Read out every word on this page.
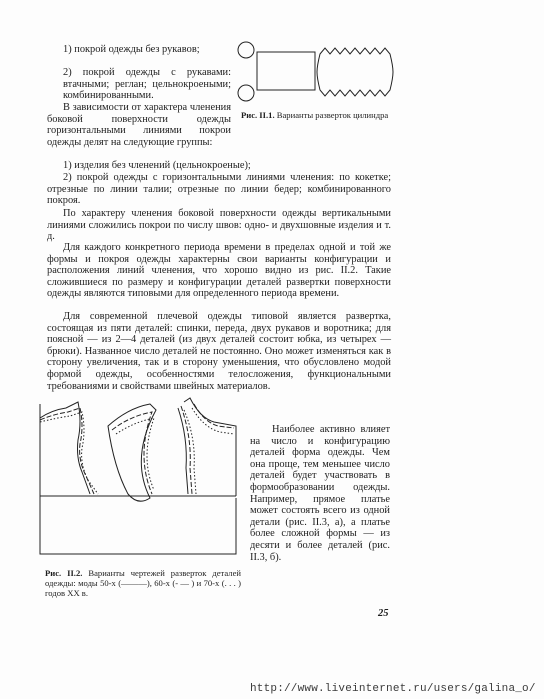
1) покрой одежды без рукавов;

2) покрой одежды с рукавами: втачными; реглан; цельнокроеными; комбинированными.

В зависимости от характера членения боковой поверхности одежды горизонтальными линиями покрои одежды делят на следующие группы:

Рис. II.1. Варианты разверток цилиндра

1) изделия без членений (цельнокроеные);

2) покрой одежды с горизонтальными линиями членения: по кокетке; отрезные по линии талии; отрезные по линии бедер; комбинированного покроя.

По характеру членения боковой поверхности одежды вертикальными линиями сложились покрои по числу швов: одно- и двухшовные изделия и т. д.

Для каждого конкретного периода времени в пределах одной и той же формы и покроя одежды характерны свои варианты конфигурации и расположения линий членения, что хорошо видно из рис. II.2. Такие сложившиеся по размеру и конфигурации деталей развертки поверхности одежды являются типовыми для определенного периода времени.

Для современной плечевой одежды типовой является развертка, состоящая из пяти деталей: спинки, переда, двух рукавов и воротника; для поясной — из 2—4 деталей (из двух деталей состоит юбка, из четырех — брюки). Названное число деталей не постоянно. Оно может изменяться как в сторону увеличения, так и в сторону уменьшения, что обусловлено модой формой одежды, особенностями телосложения, функциональными требованиями и свойствами швейных материалов.

Рис. II.2. Варианты чертежей разверток деталей одежды: моды 50-х (———), 60-х (- — ) и 70-х (. . . ) годов XX в.

Наиболее активно влияет на число и конфигурацию деталей форма одежды. Чем она проще, тем меньшее число деталей будет участвовать в формообразовании одежды. Например, прямое платье может состоять всего из одной детали (рис. II.3, а), а платье более сложной формы — из десяти и более деталей (рис. II.3, б).

25
http://www.liveinternet.ru/users/galina_o/
